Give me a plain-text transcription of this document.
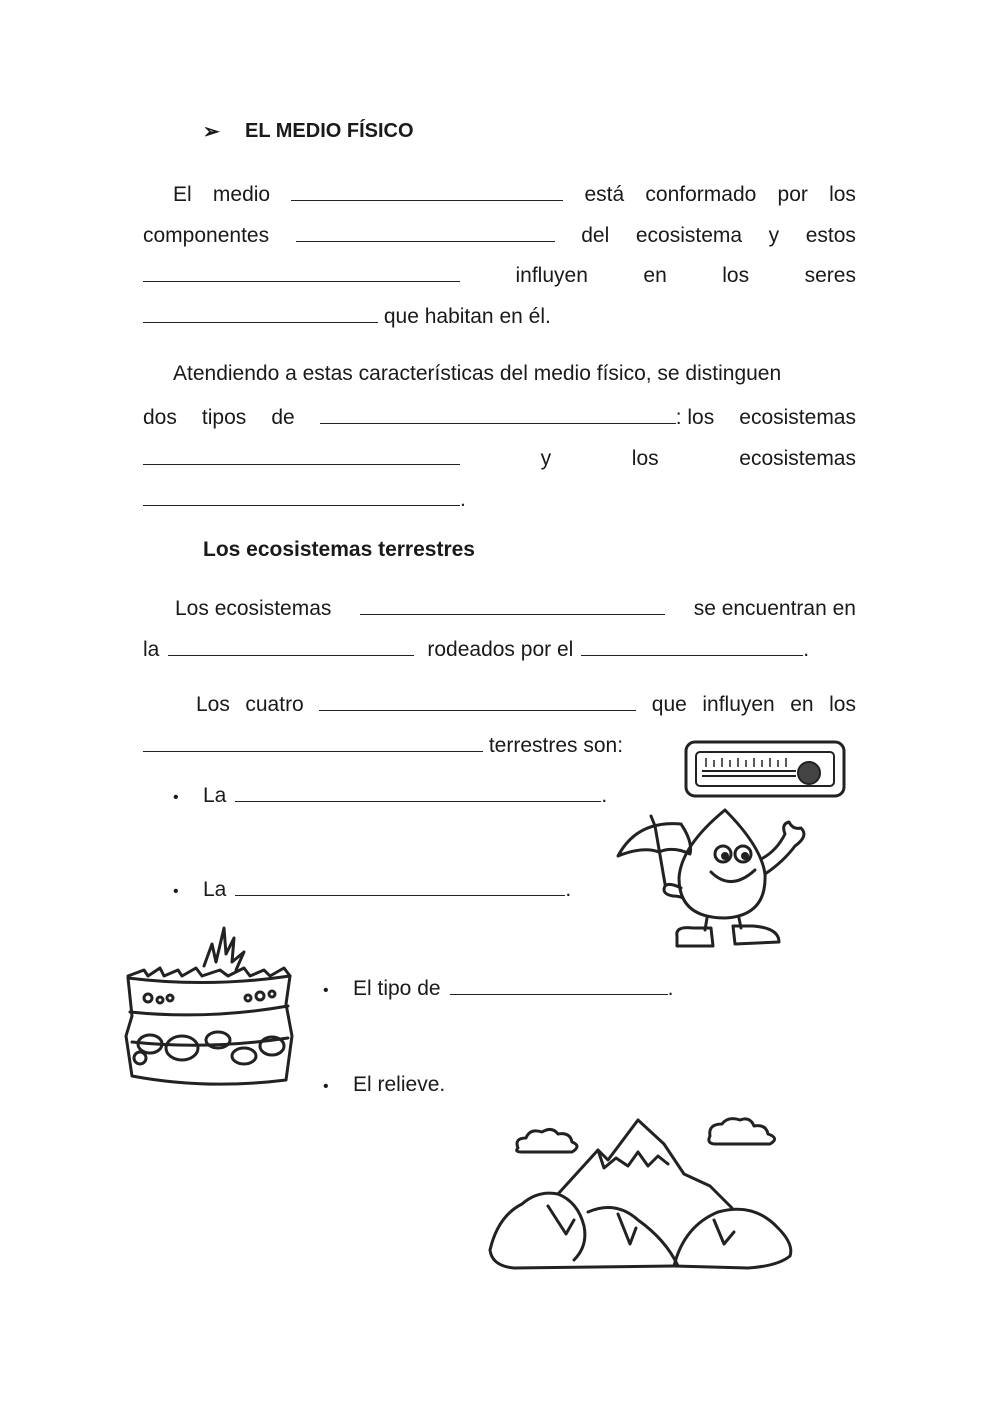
➢ EL MEDIO FÍSICO
El medio	está conformado por los
componentes	del ecosistema y estos
influyen	en	los	seres
que habitan en él.
Atendiendo a estas características del medio físico, se distinguen
dos tipos de	: los ecosistemas
y	los	ecosistemas
.
Los ecosistemas terrestres
Los ecosistemas	se encuentran en
la	rodeados por el	.
Los cuatro	que influyen en los
terrestres son:
•	La	.
•	La	.
•	El tipo de	.
•	El relieve.
